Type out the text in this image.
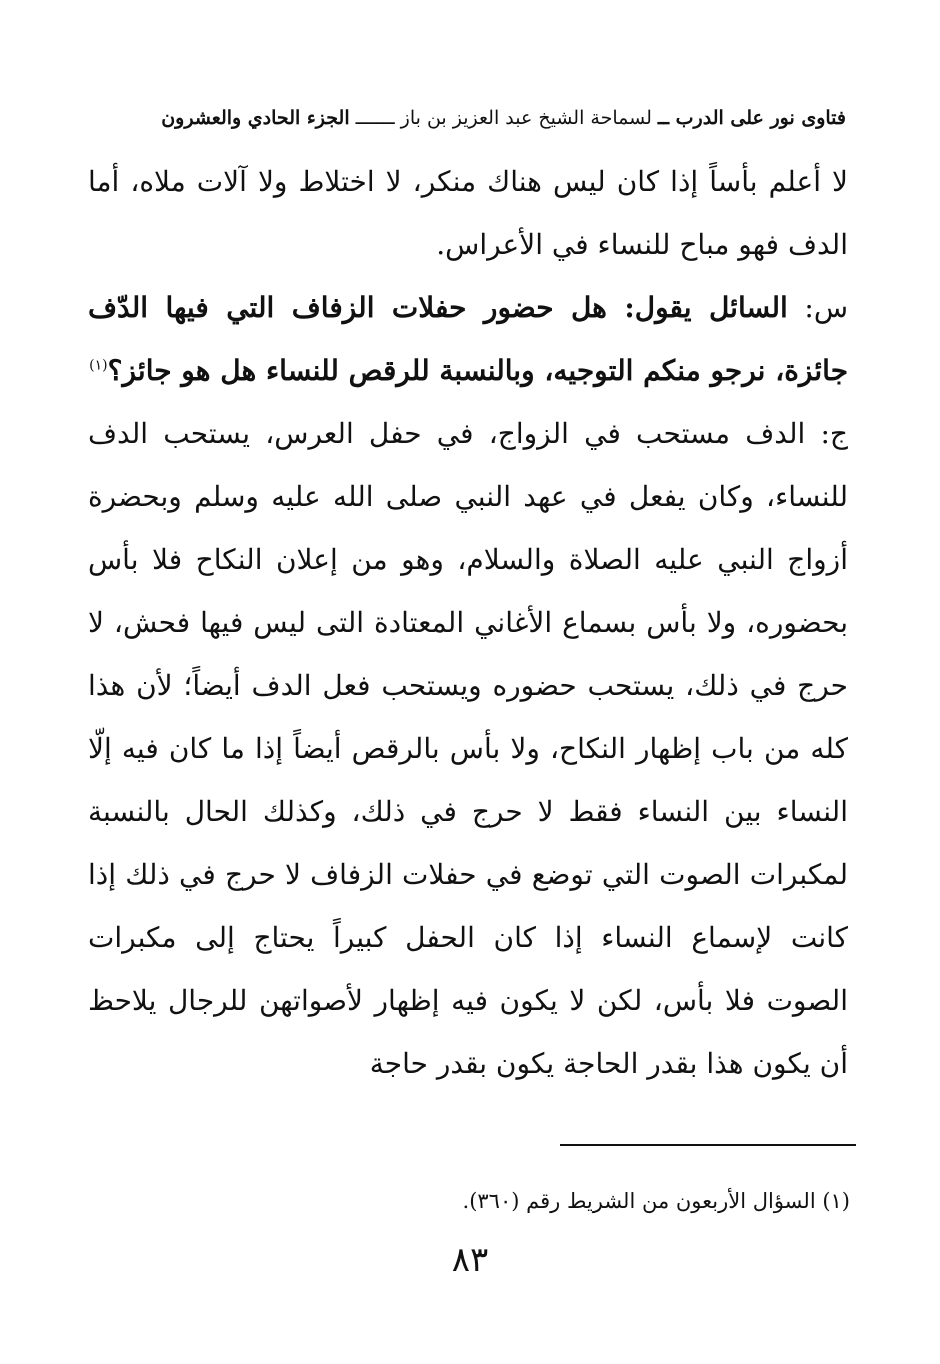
فتاوى نور على الدرب ــ لسماحة الشيخ عبد العزيز بن باز ـــــــ الجزء الحادي والعشرون

لا أعلم بأساً إذا كان ليس هناك منكر، لا اختلاط ولا آلات ملاه، أما الدف فهو مباح للنساء في الأعراس.

س: السائل يقول: هل حضور حفلات الزفاف التي فيها الدّف جائزة، نرجو منكم التوجيه، وبالنسبة للرقص للنساء هل هو جائز؟$^{(١)}$

ج: الدف مستحب في الزواج، في حفل العرس، يستحب الدف للنساء، وكان يفعل في عهد النبي صلى الله عليه وسلم وبحضرة أزواج النبي عليه الصلاة والسلام، وهو من إعلان النكاح فلا بأس بحضوره، ولا بأس بسماع الأغاني المعتادة التى ليس فيها فحش، لا حرج في ذلك، يستحب حضوره ويستحب فعل الدف أيضاً؛ لأن هذا كله من باب إظهار النكاح، ولا بأس بالرقص أيضاً إذا ما كان فيه إلّا النساء بين النساء فقط لا حرج في ذلك، وكذلك الحال بالنسبة لمكبرات الصوت التي توضع في حفلات الزفاف لا حرج في ذلك إذا كانت لإسماع النساء إذا كان الحفل كبيراً يحتاج إلى مكبرات الصوت فلا بأس، لكن لا يكون فيه إظهار لأصواتهن للرجال يلاحظ أن يكون هذا بقدر الحاجة يكون بقدر حاجة

(١) السؤال الأربعون من الشريط رقم (٣٦٠).
٨٣
